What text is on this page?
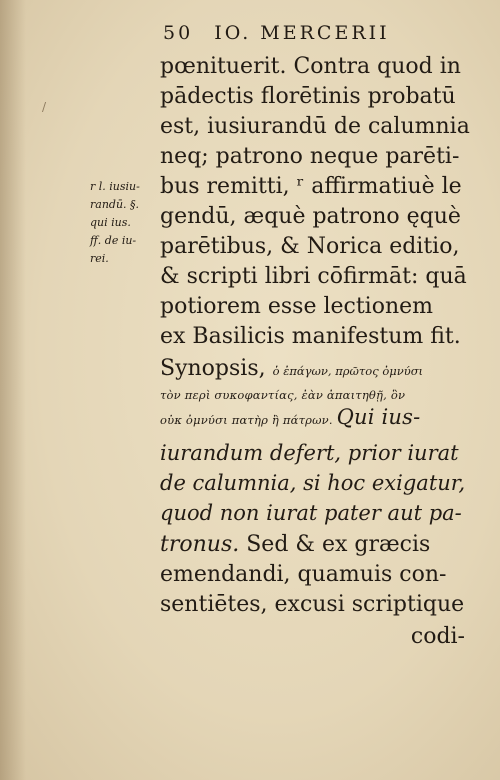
/
50 IO. MERCERII
pœnituerit. Contra quod in
pādectis florētinis probatū
est, iusiurandū de calumnia
neq; patrono neque parēti-
bus remitti, ʳ affirmatiuè le
gendū, æquè patrono ęquè
parētibus, & Norica editio,
& scripti libri cōfirmāt: quā
potiorem esse lectionem
ex Basilicis manifestum fit.
Synopsis, ὁ ἐπάγων, πρῶτος ὀμνύσι
τὸν περὶ συκοφαντίας, ἐὰν ἀπαιτηθῇ, ὃν
οὐκ ὀμνύσι πατὴρ ἢ πάτρων. Qui ius-
iurandum defert, prior iurat
de calumnia, si hoc exigatur,
quod non iurat pater aut pa-
tronus. Sed & ex græcis
emendandi, quamuis con-
sentiētes, excusi scriptique
codi-
r l. iusiu-
randū. §.
qui ius.
ff. de iu-
rei.
